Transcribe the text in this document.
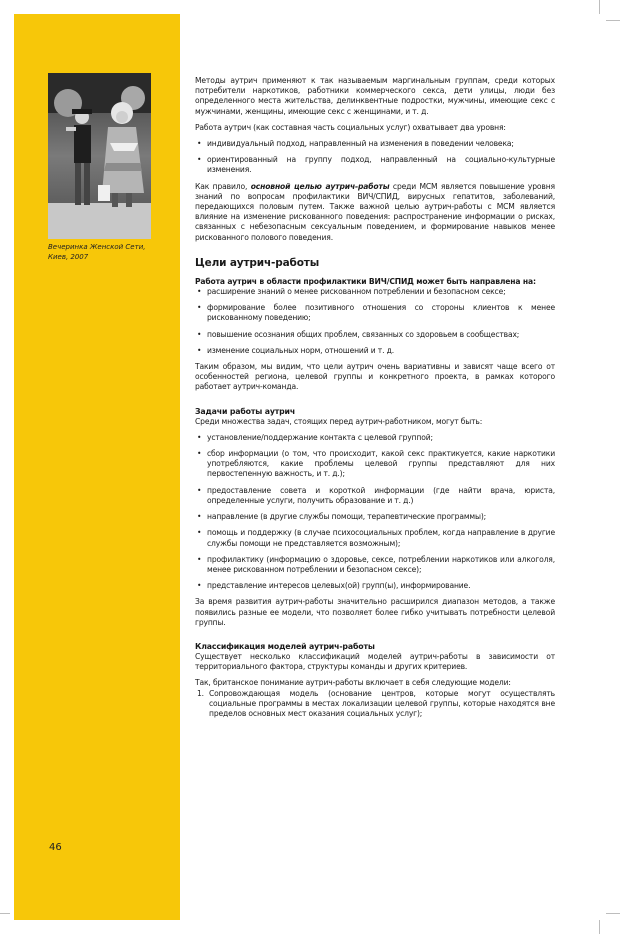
Вечеринка Женской Сети,
Киев, 2007
46

Методы аутрич применяют к так называемым маргинальным группам, среди которых потребители наркотиков, работники коммерческого секса, дети улицы, люди без определенного места жительства, делинквентные подростки, мужчины, имеющие секс с мужчинами, женщины, имеющие секс с женщинами, и т. д.

Работа аутрич (как составная часть социальных услуг) охватывает два уровня:

• индивидуальный подход, направленный на изменения в поведении человека;
• ориентированный на группу подход, направленный на социально-культурные изменения.

Как правило, основной целью аутрич-работы среди МСМ является повышение уровня знаний по вопросам профилактики ВИЧ/СПИД, вирусных гепатитов, заболеваний, передающихся половым путем. Также важной целью аутрич-работы с МСМ является влияние на изменение рискованного поведения: распространение информации о рисках, связанных с небезопасным сексуальным поведением, и формирование навыков менее рискованного полового поведения.

Цели аутрич-работы

Работа аутрич в области профилактики ВИЧ/СПИД может быть направлена на:

• расширение знаний о менее рискованном потреблении и безопасном сексе;
• формирование более позитивного отношения со стороны клиентов к менее рискованному поведению;
• повышение осознания общих проблем, связанных со здоровьем в сообществах;
• изменение социальных норм, отношений и т. д.

Таким образом, мы видим, что цели аутрич очень вариативны и зависят чаще всего от особенностей региона, целевой группы и конкретного проекта, в рамках которого работает аутрич-команда.

Задачи работы аутрич

Среди множества задач, стоящих перед аутрич-работником, могут быть:

• установление/поддержание контакта с целевой группой;
• сбор информации (о том, что происходит, какой секс практикуется, какие наркотики употребляются, какие проблемы целевой группы представляют для них первостепенную важность, и т. д.);
• предоставление совета и короткой информации (где найти врача, юриста, определенные услуги, получить образование и т. д.)
• направление (в другие службы помощи, терапевтические программы);
• помощь и поддержку (в случае психосоциальных проблем, когда направление в другие службы помощи не представляется возможным);
• профилактику (информацию о здоровье, сексе, потреблении наркотиков или алкоголя, менее рискованном потреблении и безопасном сексе);
• представление интересов целевых(ой) групп(ы), информирование.

За время развития аутрич-работы значительно расширился диапазон методов, а также появились разные ее модели, что позволяет более гибко учитывать потребности целевой группы.

Классификация моделей аутрич-работы

Существует несколько классификаций моделей аутрич-работы в зависимости от территориального фактора, структуры команды и других критериев.

Так, британское понимание аутрич-работы включает в себя следующие модели:

1. Сопровождающая модель (основание центров, которые могут осуществлять социальные программы в местах локализации целевой группы, которые находятся вне пределов основных мест оказания социальных услуг);
